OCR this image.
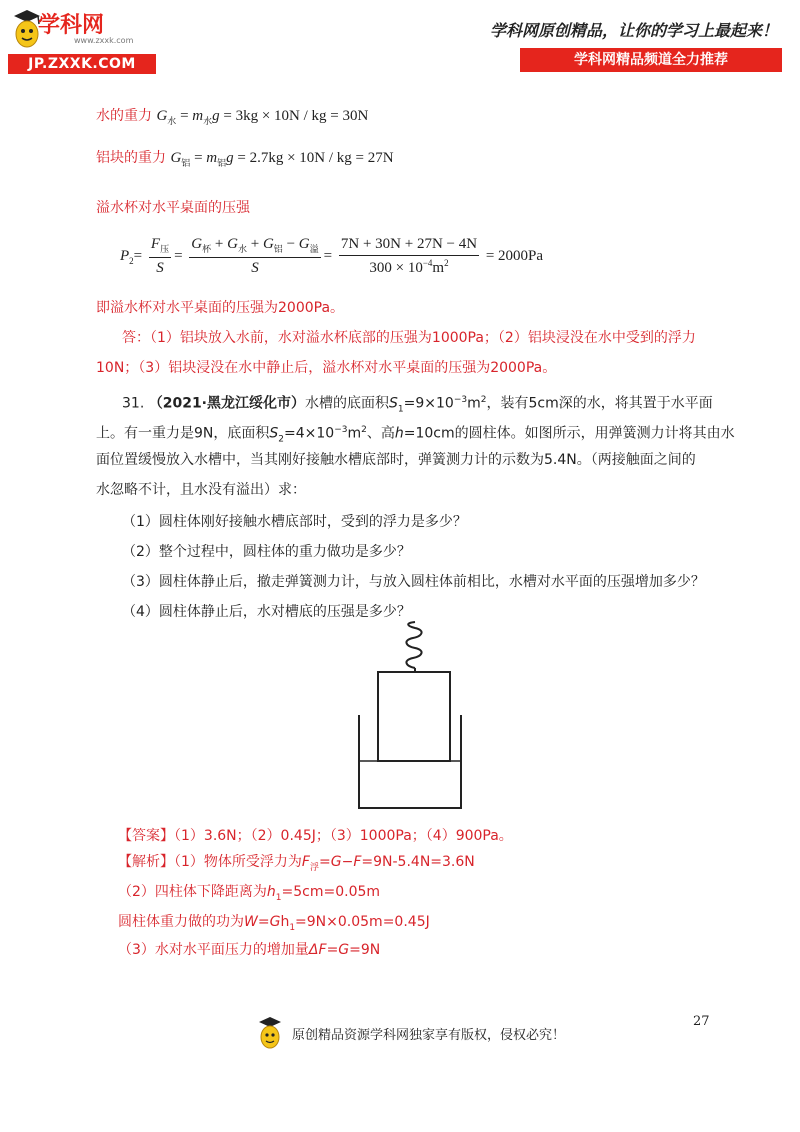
学科网
www.zxxk.com
JP.ZXXK.COM
学科网原创精品，让你的学习上最起来！
学科网精品频道全力推荐
水的重力 $G_水 = m_水g = 3kg \times 10N$ / kg = 30N
铝块的重力 $G_铝 = m_铝g = 2.7kg \times 10N$ / kg = 27N
溢水杯对水平桌面的压强
$P_2= \frac{F_压}{S} = \frac{G_杯 + G_水 + G_铝 - G_溢}{S} = \frac{7N + 30N + 27N - 4N}{300 \times 10^{-4}m^2} = 2000Pa$
即溢水杯对水平桌面的压强为2000Pa。
答：（1）铝块放入水前，水对溢水杯底部的压强为1000Pa；（2）铝块浸没在水中受到的浮力
10N；（3）铝块浸没在水中静止后，溢水杯对水平桌面的压强为2000Pa。
31. （2021·黑龙江绥化市）水槽的底面积$S_1=9\times 10^{-3}m^2$，装有5cm深的水，将其置于水平面
上。有一重力是9N，底面积$S_2=4\times 10^{-3}m^2$、高h=10cm的圆柱体。如图所示，用弹簧测力计将其由水
面位置缓慢放入水槽中，当其刚好接触水槽底部时，弹簧测力计的示数为5.4N。（两接触面之间的
水忽略不计，且水没有溢出）求：
（1）圆柱体刚好接触水槽底部时，受到的浮力是多少？
（2）整个过程中，圆柱体的重力做功是多少？
（3）圆柱体静止后，撤走弹簧测力计，与放入圆柱体前相比，水槽对水平面的压强增加多少？
（4）圆柱体静止后，水对槽底的压强是多少？
【答案】（1）3.6N；（2）0.45J；（3）1000Pa；（4）900Pa。
【解析】（1）物体所受浮力为$F_浮=G-F=9N-5.4N=3.6N$
（2）四柱体下降距离为$h_1=5cm=0.05m$
圆柱体重力做的功为$W=Gh_1=9N\times 0.05m=0.45J$
（3）水对水平面压力的增加量ΔF=G=9N
27
原创精品资源学科网独家享有版权，侵权必究！
